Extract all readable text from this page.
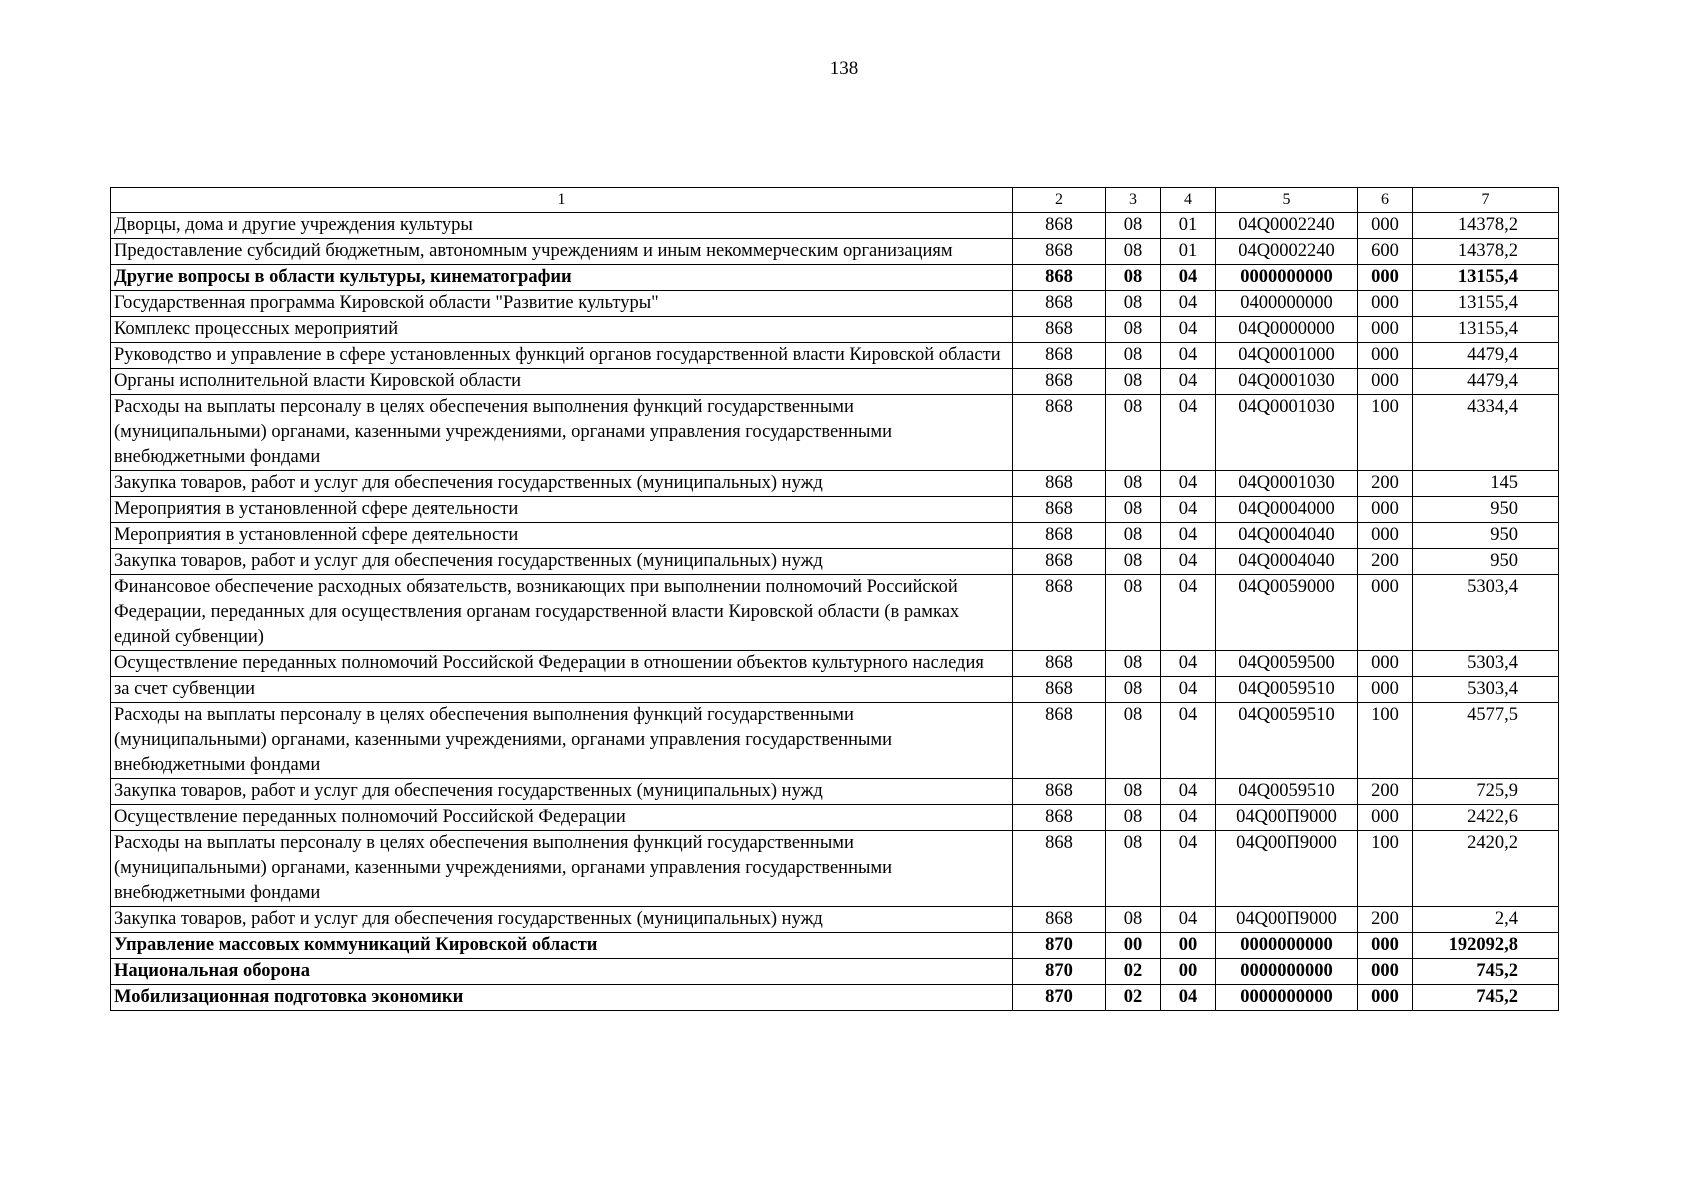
138
1	2	3	4	5	6	7
Дворцы, дома и другие учреждения культуры	868	08	01	04Q0002240	000	14378,2
Предоставление субсидий бюджетным, автономным учреждениям и иным некоммерческим организациям	868	08	01	04Q0002240	600	14378,2
Другие вопросы в области культуры, кинематографии	868	08	04	0000000000	000	13155,4
Государственная программа Кировской области "Развитие культуры"	868	08	04	0400000000	000	13155,4
Комплекс процессных мероприятий	868	08	04	04Q0000000	000	13155,4
Руководство и управление в сфере установленных функций органов государственной власти Кировской области	868	08	04	04Q0001000	000	4479,4
Органы исполнительной власти Кировской области	868	08	04	04Q0001030	000	4479,4
Расходы на выплаты персоналу в целях обеспечения выполнения функций государственными (муниципальными) органами, казенными учреждениями, органами управления государственными внебюджетными фондами	868	08	04	04Q0001030	100	4334,4
Закупка товаров, работ и услуг для обеспечения государственных (муниципальных) нужд	868	08	04	04Q0001030	200	145
Мероприятия в установленной сфере деятельности	868	08	04	04Q0004000	000	950
Мероприятия в установленной сфере деятельности	868	08	04	04Q0004040	000	950
Закупка товаров, работ и услуг для обеспечения государственных (муниципальных) нужд	868	08	04	04Q0004040	200	950
Финансовое обеспечение расходных обязательств, возникающих при выполнении полномочий Российской Федерации, переданных для осуществления органам государственной власти Кировской области (в рамках единой субвенции)	868	08	04	04Q0059000	000	5303,4
Осуществление переданных полномочий Российской Федерации в отношении объектов культурного наследия	868	08	04	04Q0059500	000	5303,4
за счет субвенции	868	08	04	04Q0059510	000	5303,4
Расходы на выплаты персоналу в целях обеспечения выполнения функций государственными (муниципальными) органами, казенными учреждениями, органами управления государственными внебюджетными фондами	868	08	04	04Q0059510	100	4577,5
Закупка товаров, работ и услуг для обеспечения государственных (муниципальных) нужд	868	08	04	04Q0059510	200	725,9
Осуществление переданных полномочий Российской Федерации	868	08	04	04Q00П9000	000	2422,6
Расходы на выплаты персоналу в целях обеспечения выполнения функций государственными (муниципальными) органами, казенными учреждениями, органами управления государственными внебюджетными фондами	868	08	04	04Q00П9000	100	2420,2
Закупка товаров, работ и услуг для обеспечения государственных (муниципальных) нужд	868	08	04	04Q00П9000	200	2,4
Управление массовых коммуникаций Кировской области	870	00	00	0000000000	000	192092,8
Национальная оборона	870	02	00	0000000000	000	745,2
Мобилизационная подготовка экономики	870	02	04	0000000000	000	745,2
